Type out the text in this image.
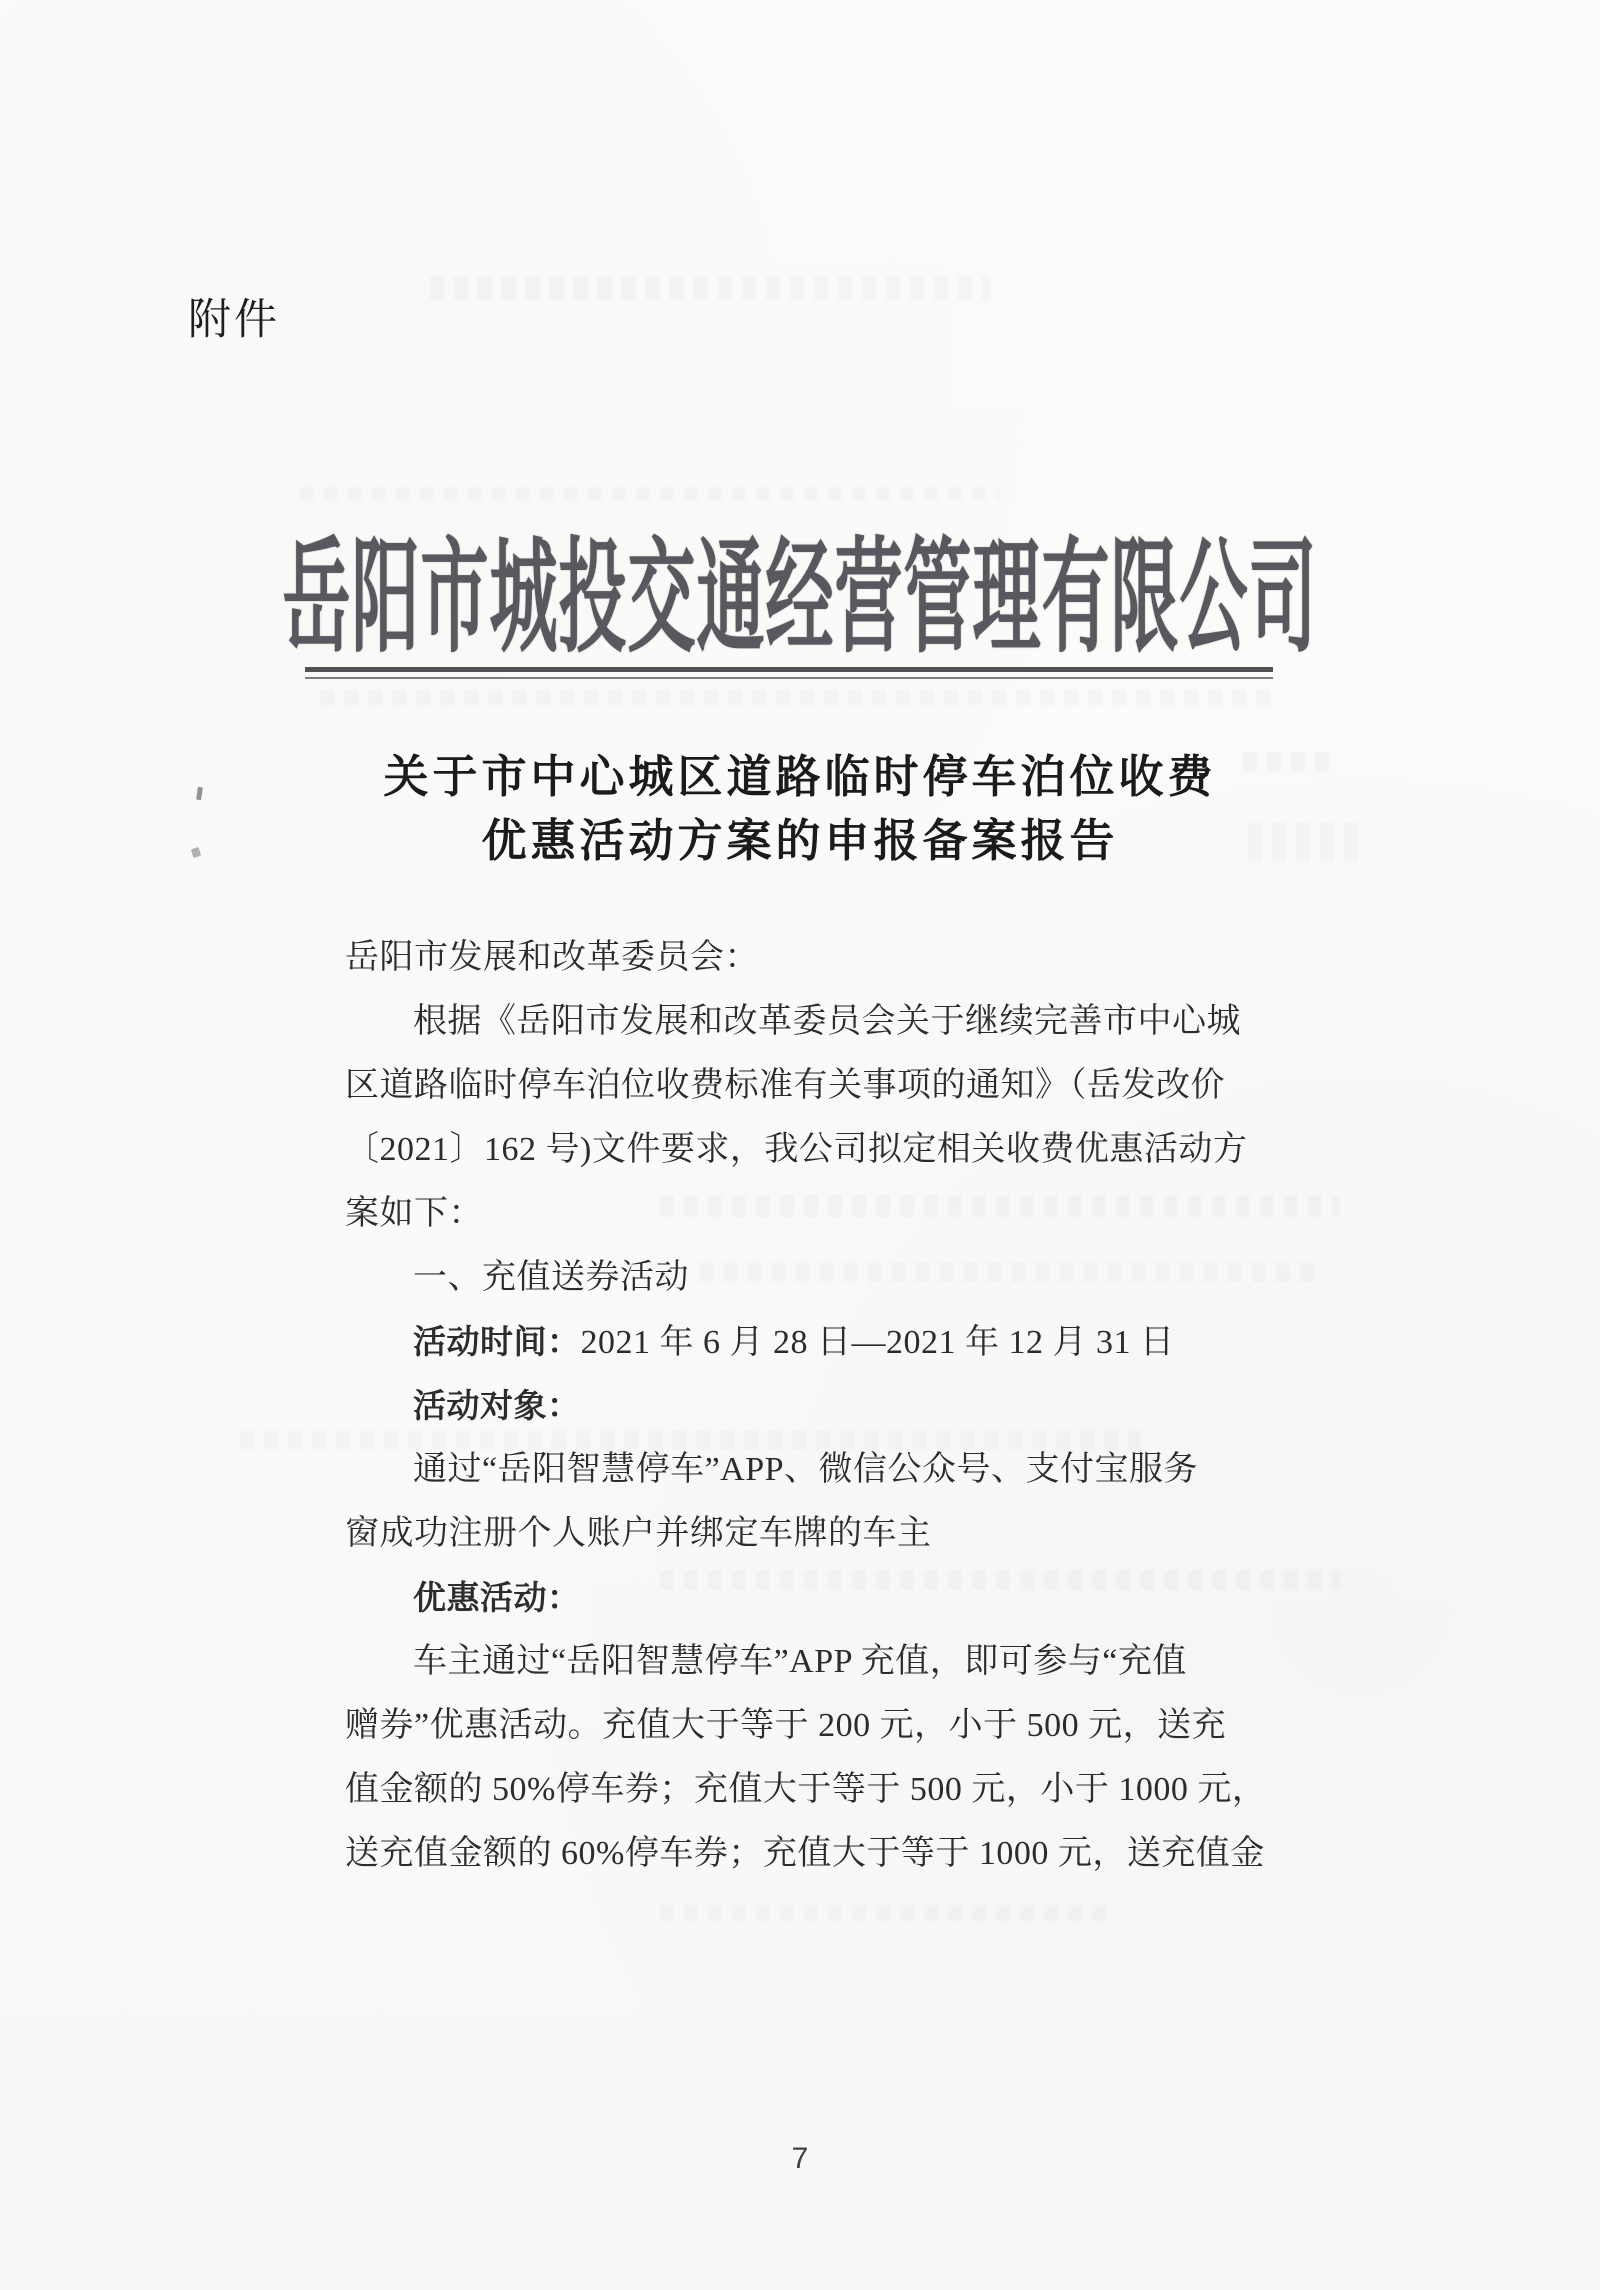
附件
岳阳市城投交通经营管理有限公司
关于市中心城区道路临时停车泊位收费
优惠活动方案的申报备案报告
岳阳市发展和改革委员会：
根据《岳阳市发展和改革委员会关于继续完善市中心城
区道路临时停车泊位收费标准有关事项的通知》（岳发改价
〔2021〕162 号)文件要求，我公司拟定相关收费优惠活动方
案如下：
一、充值送券活动
活动时间：2021 年 6 月 28 日—2021 年 12 月 31 日
活动对象：
通过“岳阳智慧停车”APP、微信公众号、支付宝服务
窗成功注册个人账户并绑定车牌的车主
优惠活动：
车主通过“岳阳智慧停车”APP 充值，即可参与“充值
赠券”优惠活动。充值大于等于 200 元，小于 500 元，送充
值金额的 50%停车券；充值大于等于 500 元，小于 1000 元，
送充值金额的 60%停车券；充值大于等于 1000 元，送充值金
7
